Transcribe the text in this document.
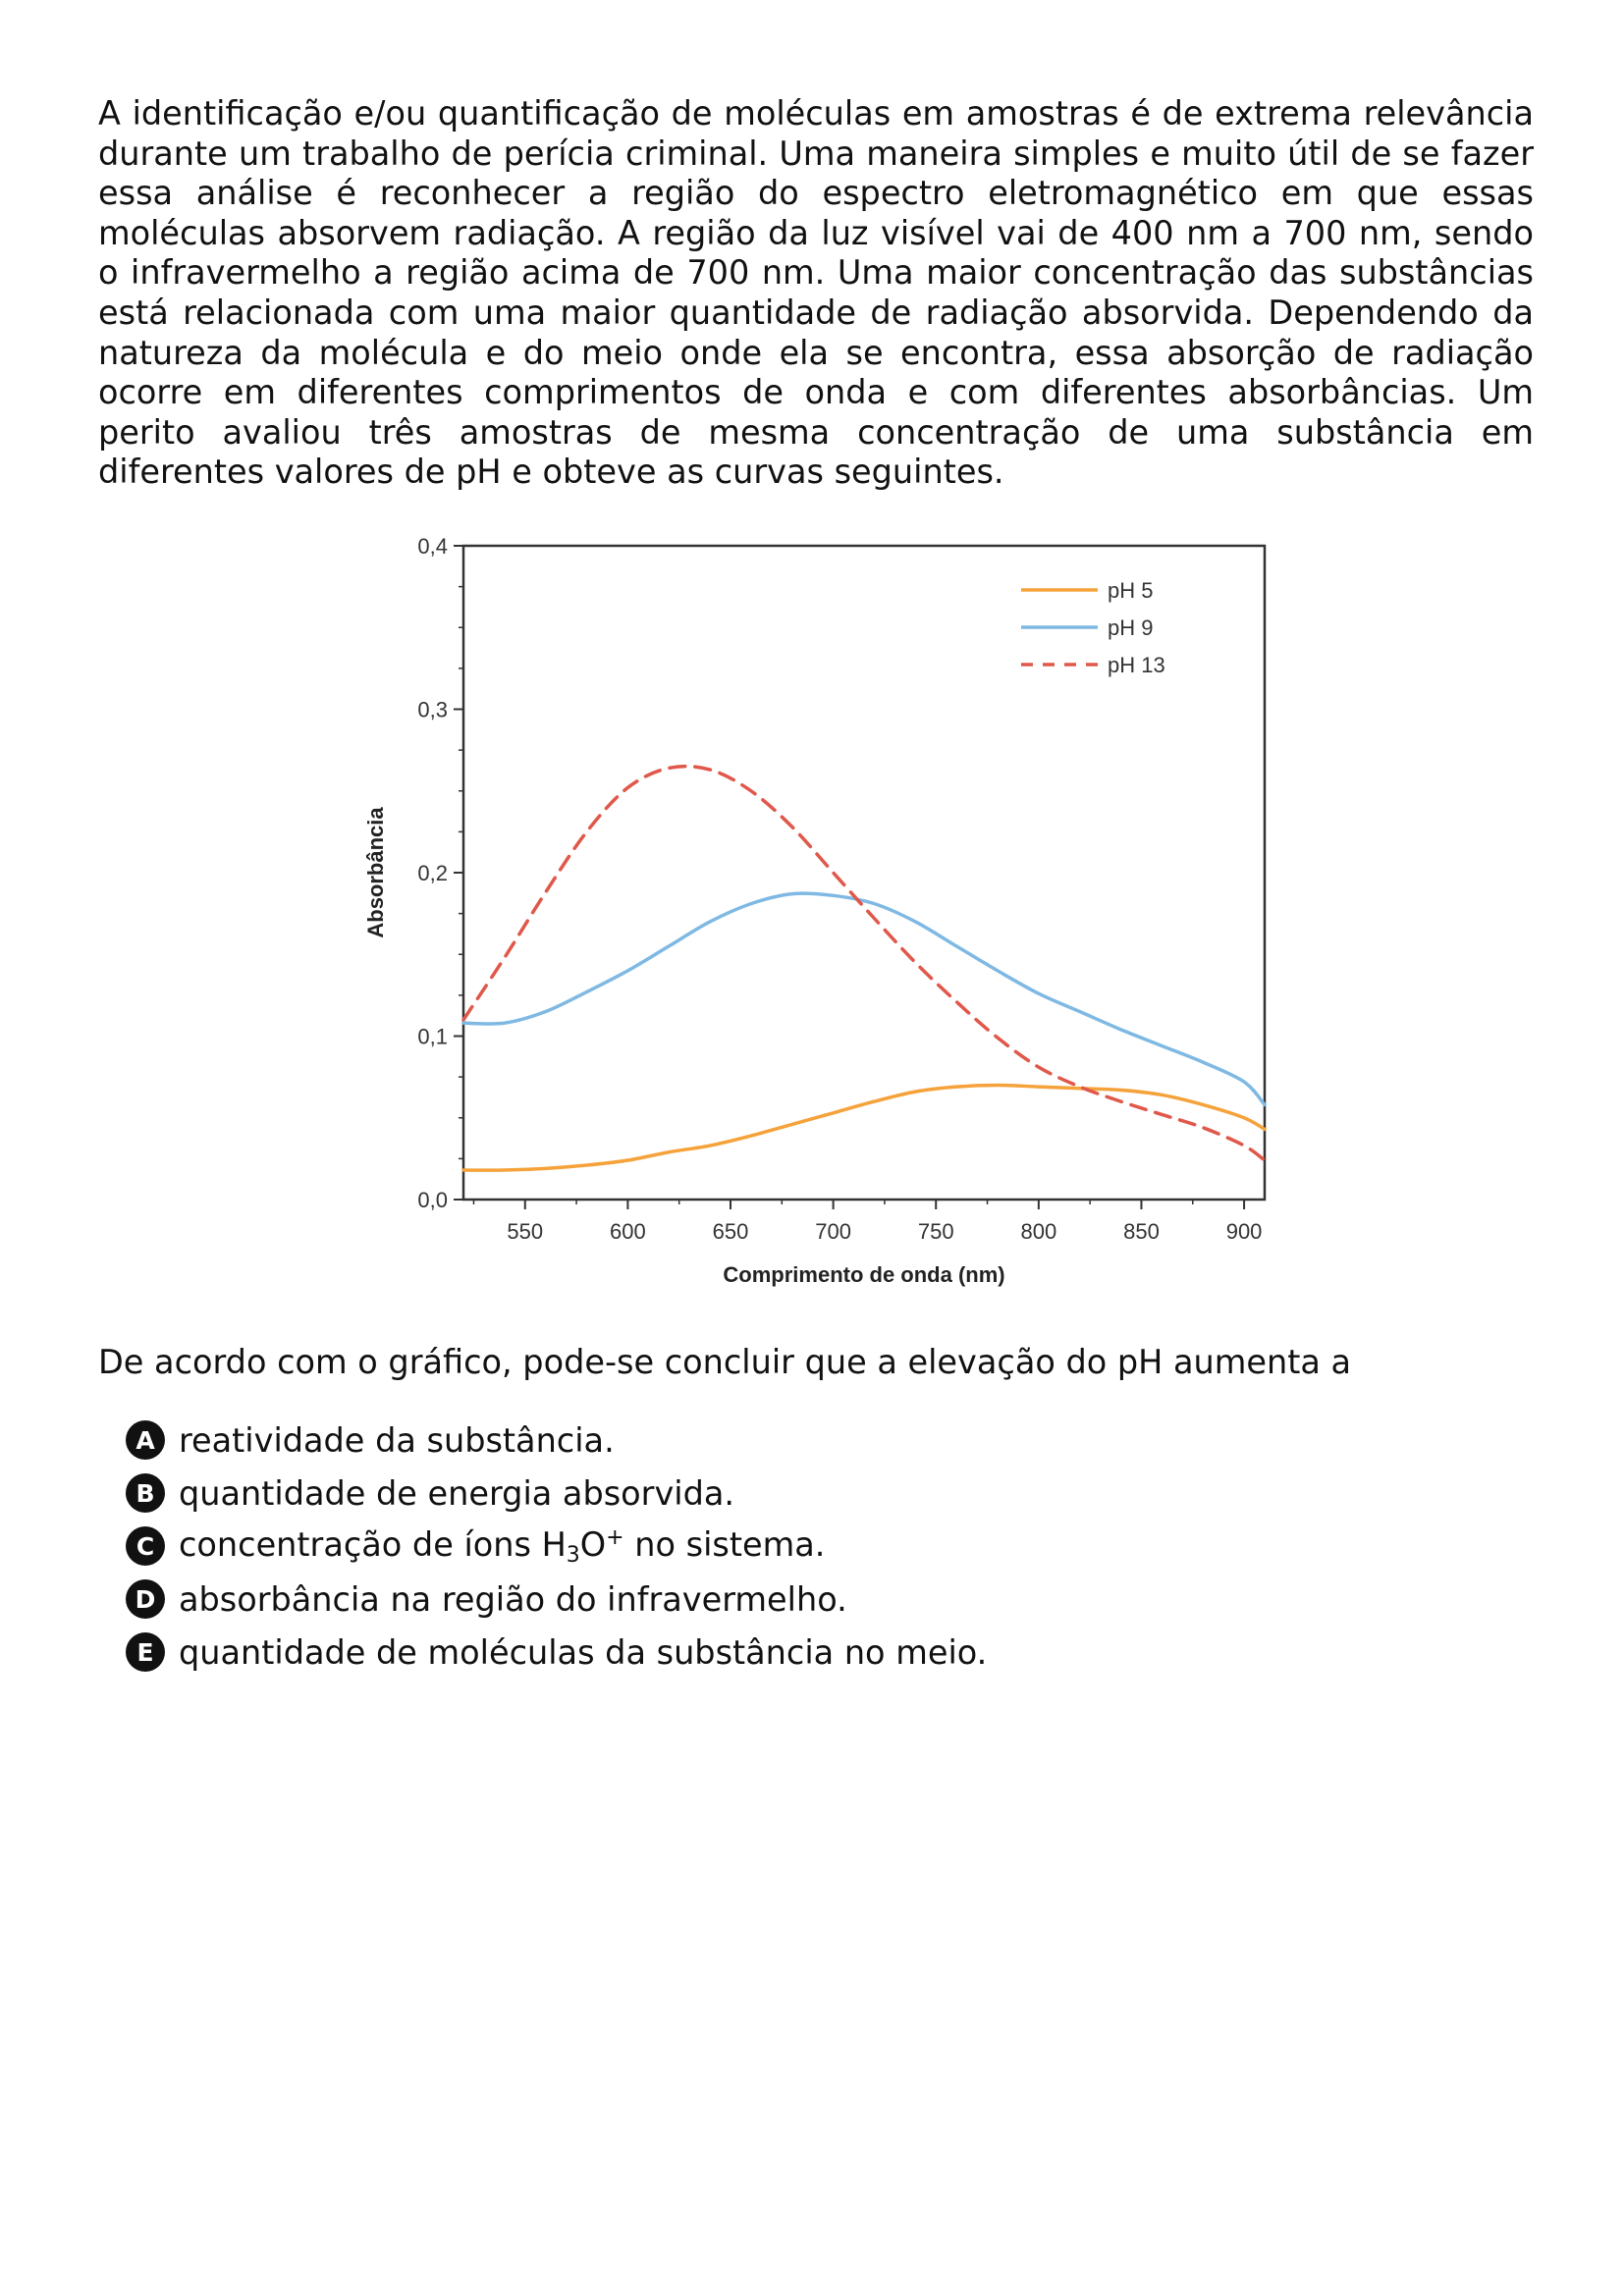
A identificação e/ou quantificação de moléculas em amostras é de extrema relevância durante um trabalho de perícia criminal. Uma maneira simples e muito útil de se fazer essa análise é reconhecer a região do espectro eletromagnético em que essas moléculas absorvem radiação. A região da luz visível vai de 400 nm a 700 nm, sendo o infravermelho a região acima de 700 nm. Uma maior concentração das substâncias está relacionada com uma maior quantidade de radiação absorvida. Dependendo da natureza da molécula e do meio onde ela se encontra, essa absorção de radiação ocorre em diferentes comprimentos de onda e com diferentes absorbâncias. Um perito avaliou três amostras de mesma concentração de uma substância em diferentes valores de pH e obteve as curvas seguintes.

0,0
0,1
0,2
0,3
0,4
550	600	650	700	750	800	850	900
Comprimento de onda (nm)
Absorbância
pH 5
pH 9
pH 13

De acordo com o gráfico, pode-se concluir que a elevação do pH aumenta a

A reatividade da substância.
B quantidade de energia absorvida.
C concentração de íons $H_3O^+$ no sistema.
D absorbância na região do infravermelho.
E quantidade de moléculas da substância no meio.
